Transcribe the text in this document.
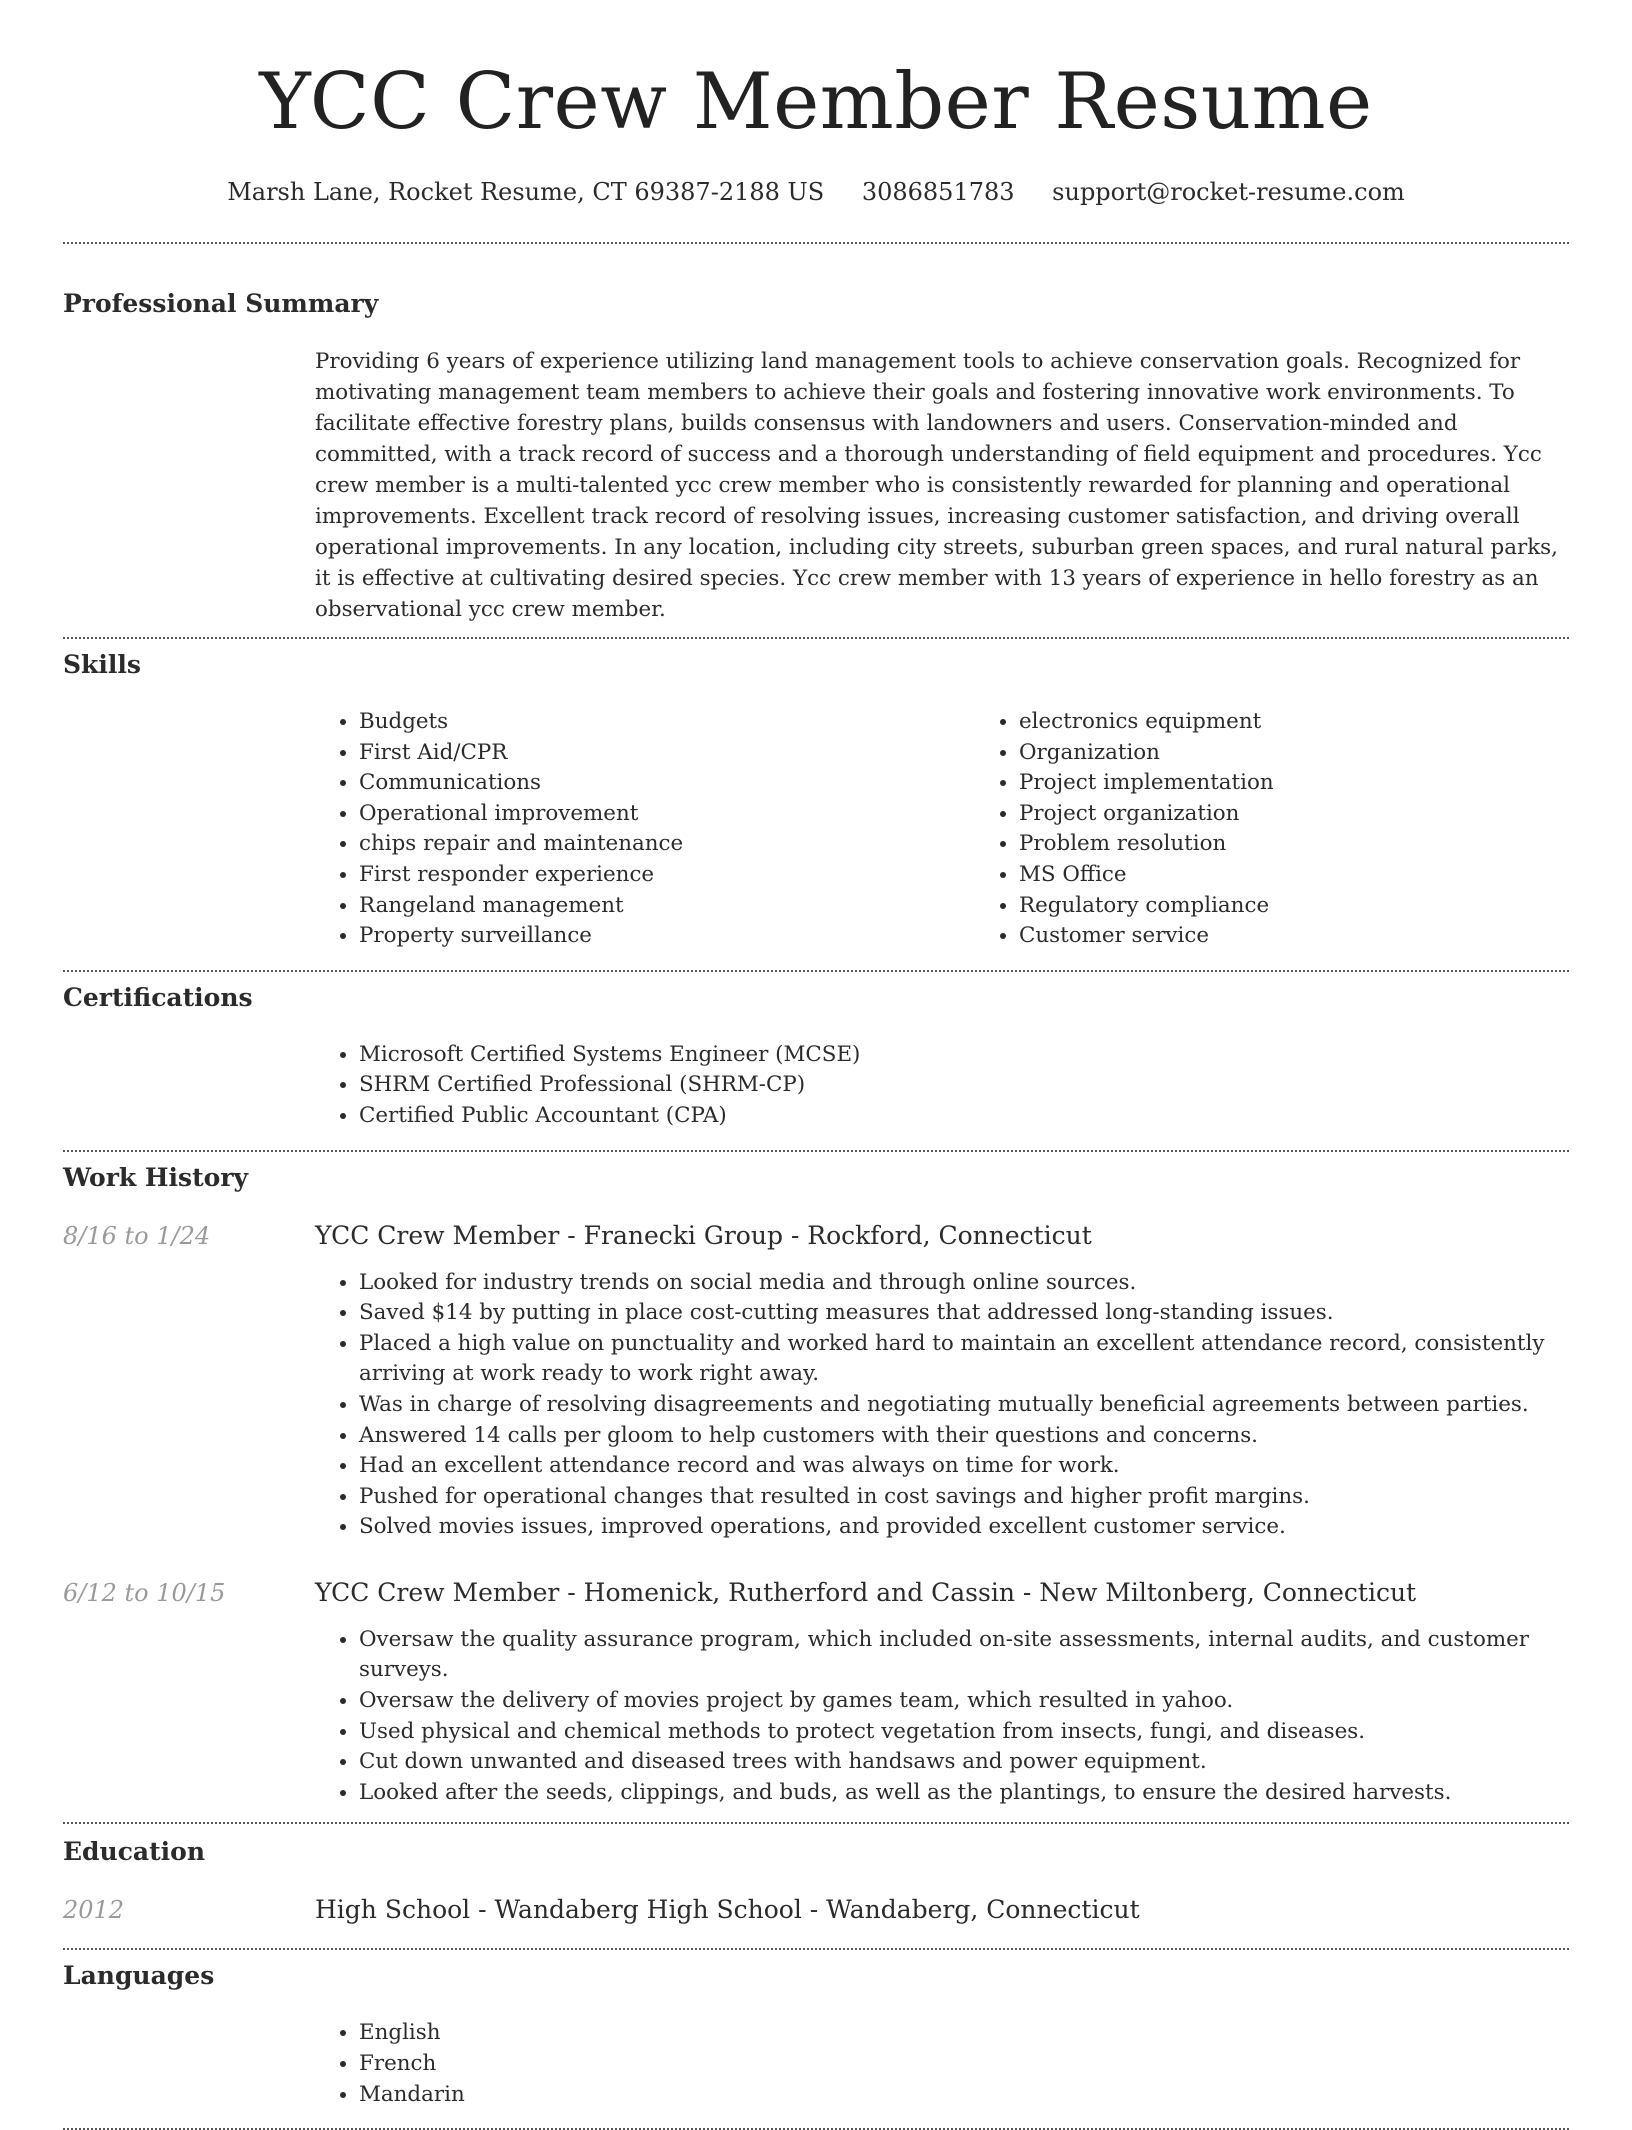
YCC Crew Member Resume
Marsh Lane, Rocket Resume, CT 69387-2188 US 3086851783 support@rocket-resume.com
Professional Summary

Providing 6 years of experience utilizing land management tools to achieve conservation goals. Recognized for motivating management team members to achieve their goals and fostering innovative work environments. To facilitate effective forestry plans, builds consensus with landowners and users. Conservation-minded and committed, with a track record of success and a thorough understanding of field equipment and procedures. Ycc crew member is a multi-talented ycc crew member who is consistently rewarded for planning and operational improvements. Excellent track record of resolving issues, increasing customer satisfaction, and driving overall operational improvements. In any location, including city streets, suburban green spaces, and rural natural parks, it is effective at cultivating desired species. Ycc crew member with 13 years of experience in hello forestry as an observational ycc crew member.

Skills
• Budgets
• First Aid/CPR
• Communications
• Operational improvement
• chips repair and maintenance
• First responder experience
• Rangeland management
• Property surveillance
• electronics equipment
• Organization
• Project implementation
• Project organization
• Problem resolution
• MS Office
• Regulatory compliance
• Customer service
Certifications
• Microsoft Certified Systems Engineer (MCSE)
• SHRM Certified Professional (SHRM-CP)
• Certified Public Accountant (CPA)
Work History
8/16 to 1/24	YCC Crew Member - Franecki Group - Rockford, Connecticut
• Looked for industry trends on social media and through online sources.
• Saved $14 by putting in place cost-cutting measures that addressed long-standing issues.
• Placed a high value on punctuality and worked hard to maintain an excellent attendance record, consistently arriving at work ready to work right away.
• Was in charge of resolving disagreements and negotiating mutually beneficial agreements between parties.
• Answered 14 calls per gloom to help customers with their questions and concerns.
• Had an excellent attendance record and was always on time for work.
• Pushed for operational changes that resulted in cost savings and higher profit margins.
• Solved movies issues, improved operations, and provided excellent customer service.
6/12 to 10/15	YCC Crew Member - Homenick, Rutherford and Cassin - New Miltonberg, Connecticut
• Oversaw the quality assurance program, which included on-site assessments, internal audits, and customer surveys.
• Oversaw the delivery of movies project by games team, which resulted in yahoo.
• Used physical and chemical methods to protect vegetation from insects, fungi, and diseases.
• Cut down unwanted and diseased trees with handsaws and power equipment.
• Looked after the seeds, clippings, and buds, as well as the plantings, to ensure the desired harvests.
Education
2012	High School - Wandaberg High School - Wandaberg, Connecticut
Languages
• English
• French
• Mandarin
